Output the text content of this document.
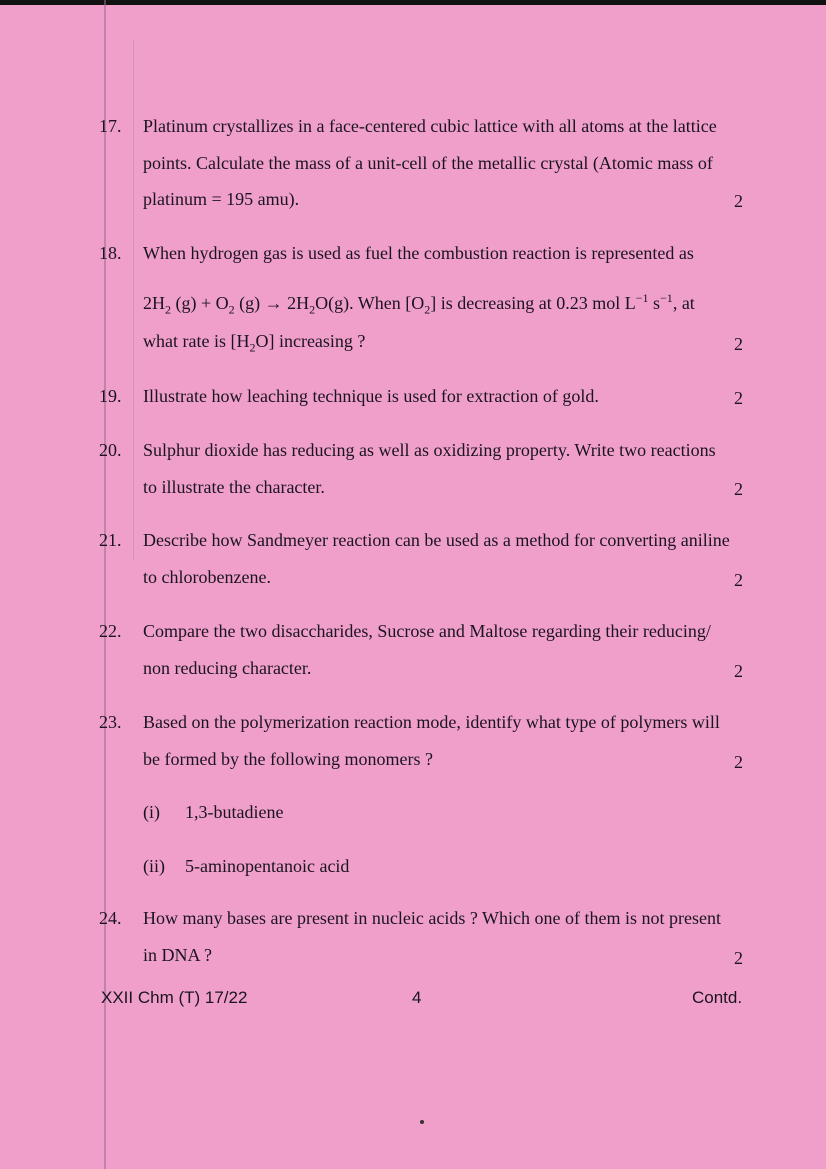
17. Platinum crystallizes in a face-centered cubic lattice with all atoms at the lattice
points. Calculate the mass of a unit-cell of the metallic crystal (Atomic mass of
platinum = 195 amu).	2
18. When hydrogen gas is used as fuel the combustion reaction is represented as
$2H_2$ $(g) + O_2$ $(g) \to 2H_2O(g)$. When $[O_2]$ is decreasing at 0.23 mol $L^{-1}$ $s^{-1}$, at
what rate is $[H_2O]$ increasing ?	2
19. Illustrate how leaching technique is used for extraction of gold.	2
20. Sulphur dioxide has reducing as well as oxidizing property. Write two reactions
to illustrate the character.	2
21. Describe how Sandmeyer reaction can be used as a method for converting aniline
to chlorobenzene.	2
22. Compare the two disaccharides, Sucrose and Maltose regarding their reducing/
non reducing character.	2
23. Based on the polymerization reaction mode, identify what type of polymers will
be formed by the following monomers ?	2
(i) 1,3-butadiene
(ii) 5-aminopentanoic acid
24. How many bases are present in nucleic acids ? Which one of them is not present
in DNA ?	2
XXII Chm (T) 17/22	4	Contd.
